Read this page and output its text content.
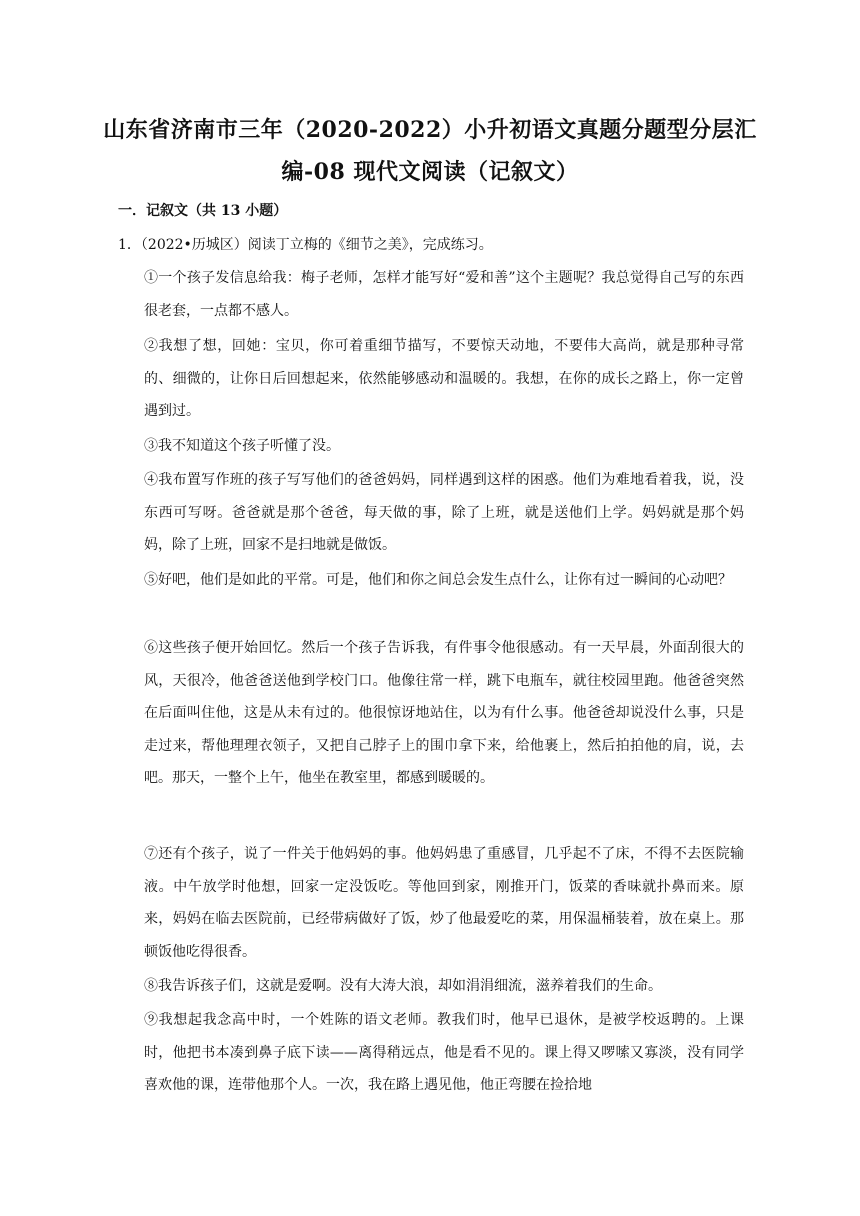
山东省济南市三年（2020-2022）小升初语文真题分题型分层汇
编-08 现代文阅读（记叙文）
一．记叙文（共 13 小题）
1．（2022•历城区）阅读丁立梅的《细节之美》，完成练习。
①一个孩子发信息给我：梅子老师，怎样才能写好“爱和善”这个主题呢？我总觉得自己写的东西很老套，一点都不感人。
②我想了想，回她：宝贝，你可着重细节描写，不要惊天动地，不要伟大高尚，就是那种寻常的、细微的，让你日后回想起来，依然能够感动和温暖的。我想，在你的成长之路上，你一定曾遇到过。
③我不知道这个孩子听懂了没。
④我布置写作班的孩子写写他们的爸爸妈妈，同样遇到这样的困惑。他们为难地看着我，说，没东西可写呀。爸爸就是那个爸爸，每天做的事，除了上班，就是送他们上学。妈妈就是那个妈妈，除了上班，回家不是扫地就是做饭。
⑤好吧，他们是如此的平常。可是，他们和你之间总会发生点什么，让你有过一瞬间的心动吧？
⑥这些孩子便开始回忆。然后一个孩子告诉我，有件事令他很感动。有一天早晨，外面刮很大的风，天很冷，他爸爸送他到学校门口。他像往常一样，跳下电瓶车，就往校园里跑。他爸爸突然在后面叫住他，这是从未有过的。他很惊讶地站住，以为有什么事。他爸爸却说没什么事，只是走过来，帮他理理衣领子，又把自己脖子上的围巾拿下来，给他裹上，然后拍拍他的肩，说，去吧。那天，一整个上午，他坐在教室里，都感到暖暖的。
⑦还有个孩子，说了一件关于他妈妈的事。他妈妈患了重感冒，几乎起不了床，不得不去医院输液。中午放学时他想，回家一定没饭吃。等他回到家，刚推开门，饭菜的香味就扑鼻而来。原来，妈妈在临去医院前，已经带病做好了饭，炒了他最爱吃的菜，用保温桶装着，放在桌上。那顿饭他吃得很香。
⑧我告诉孩子们，这就是爱啊。没有大涛大浪，却如涓涓细流，滋养着我们的生命。
⑨我想起我念高中时，一个姓陈的语文老师。教我们时，他早已退休，是被学校返聘的。上课时，他把书本凑到鼻子底下读——离得稍远点，他是看不见的。课上得又啰嗦又寡淡，没有同学喜欢他的课，连带他那个人。一次，我在路上遇见他，他正弯腰在捡拾地
